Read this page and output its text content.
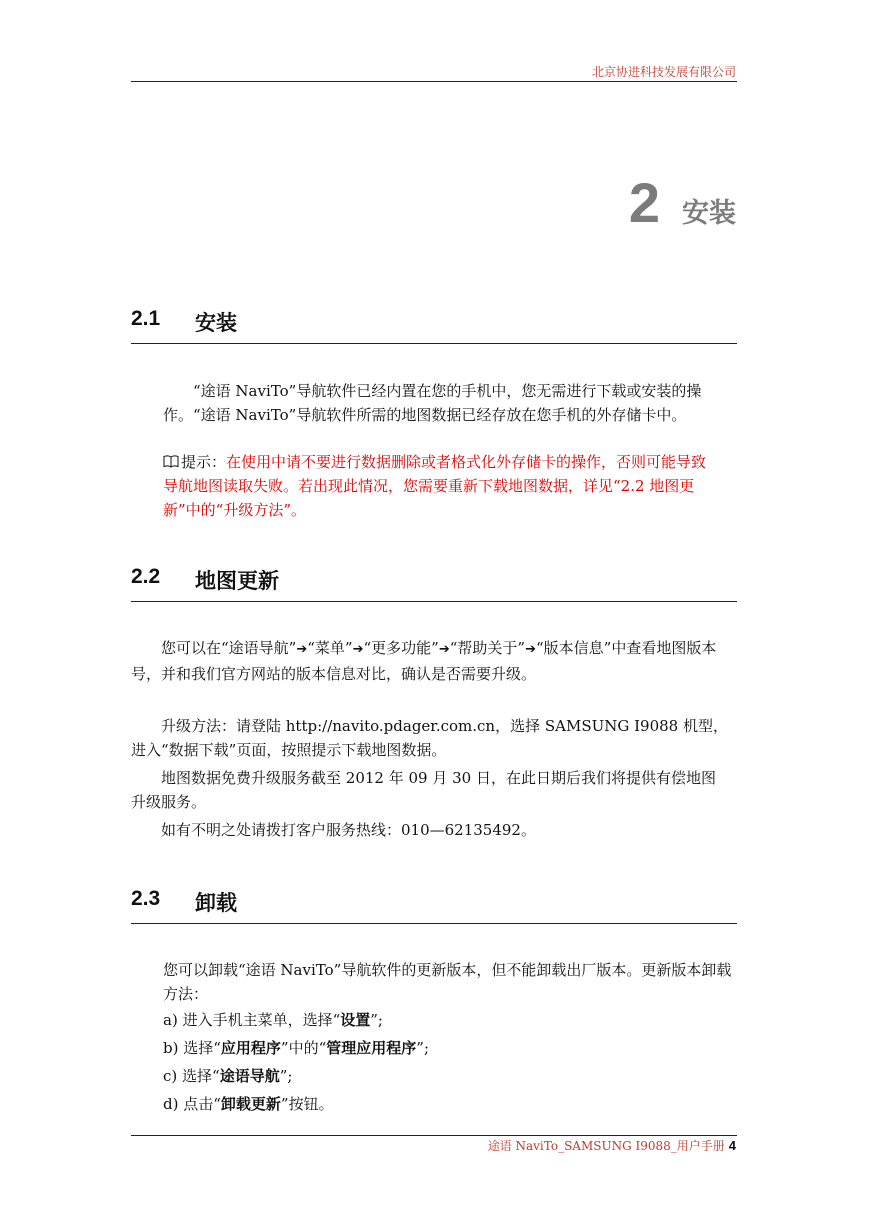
北京协进科技发展有限公司
2 安装
2.1 安装
“途语 NaviTo”导航软件已经内置在您的手机中，您无需进行下载或安装的操作。“途语 NaviTo”导航软件所需的地图数据已经存放在您手机的外存储卡中。
提示：在使用中请不要进行数据删除或者格式化外存储卡的操作，否则可能导致导航地图读取失败。若出现此情况，您需要重新下载地图数据，详见“2.2 地图更新”中的“升级方法”。
2.2 地图更新
您可以在“途语导航”➔“菜单”➔“更多功能”➔“帮助关于”➔“版本信息”中查看地图版本号，并和我们官方网站的版本信息对比，确认是否需要升级。
升级方法：请登陆 http://navito.pdager.com.cn，选择 SAMSUNG I9088 机型，进入“数据下载”页面，按照提示下载地图数据。
地图数据免费升级服务截至 2012 年 09 月 30 日，在此日期后我们将提供有偿地图升级服务。
如有不明之处请拨打客户服务热线：010—62135492。
2.3 卸载
您可以卸载“途语 NaviTo”导航软件的更新版本，但不能卸载出厂版本。更新版本卸载方法：
a) 进入手机主菜单，选择“设置”;
b) 选择“应用程序”中的“管理应用程序”;
c) 选择“途语导航”;
d) 点击“卸载更新”按钮。
途语 NaviTo_SAMSUNG I9088_用户手册 4
